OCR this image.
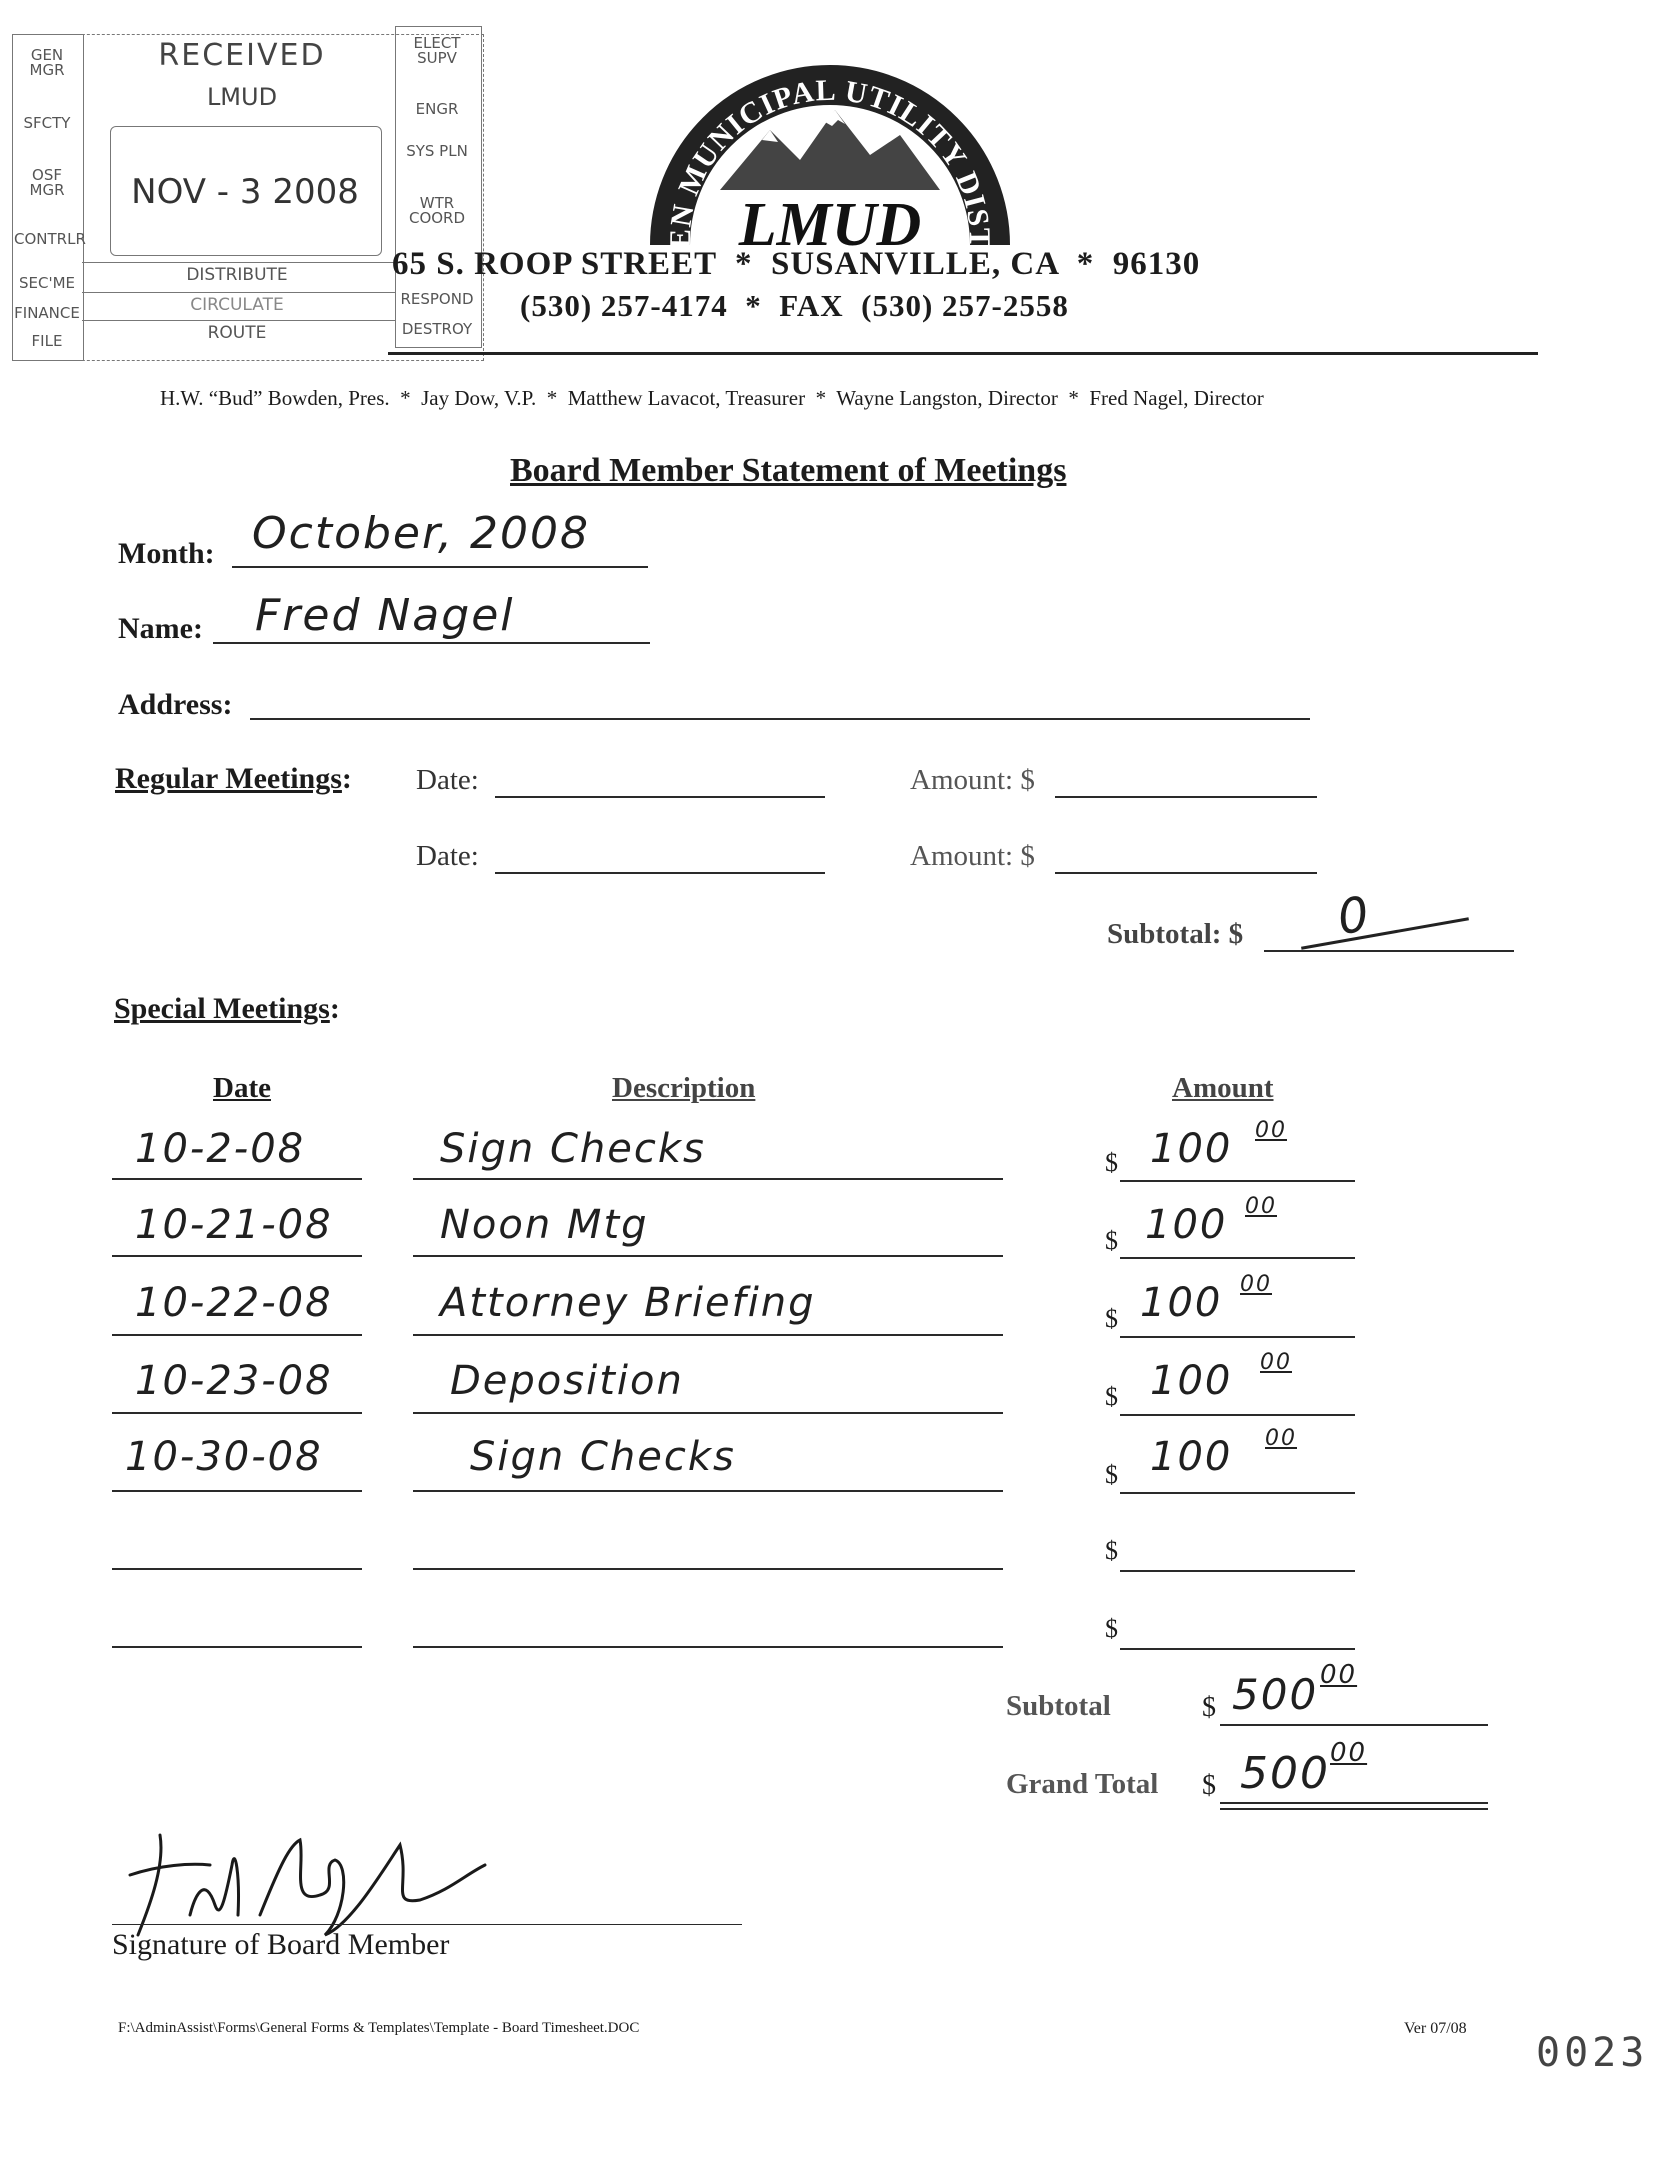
GEN MGR
SFCTY
OSF MGR
CONTRLR
SEC'ME
FINANCE
FILE
ELECT SUPV
ENGR
SYS PLN
WTR COORD
RESPOND
DESTROY
RECEIVED
LMUD
NOV - 3 2008
DISTRIBUTE
CIRCULATE
ROUTE
EN MUNICIPAL UTILITY DIST
LMUD
65 S. ROOP STREET  *  SUSANVILLE, CA  *  96130
(530) 257-4174  *  FAX  (530) 257-2558
H.W. “Bud” Bowden, Pres.  *  Jay Dow, V.P.  *  Matthew Lavacot, Treasurer  *  Wayne Langston, Director  *  Fred Nagel, Director
Board Member Statement of Meetings
Month: October, 2008
Name: Fred Nagel
Address:
Regular Meetings: Date:	Amount: $
Date:	Amount: $
Subtotal: $ 0
Special Meetings:
Date	Description	Amount
10-2-08	Sign Checks	$ 100 00
10-21-08	Noon Mtg	$ 100 00
10-22-08	Attorney Briefing	$ 100 00
10-23-08	Deposition	$ 100 00
10-30-08	Sign Checks	$ 100 00
$
$
Subtotal	$ 500 00
Grand Total $ 500 00
Signature of Board Member
F:\AdminAssist\Forms\General Forms & Templates\Template - Board Timesheet.DOC	Ver 07/08
0023
